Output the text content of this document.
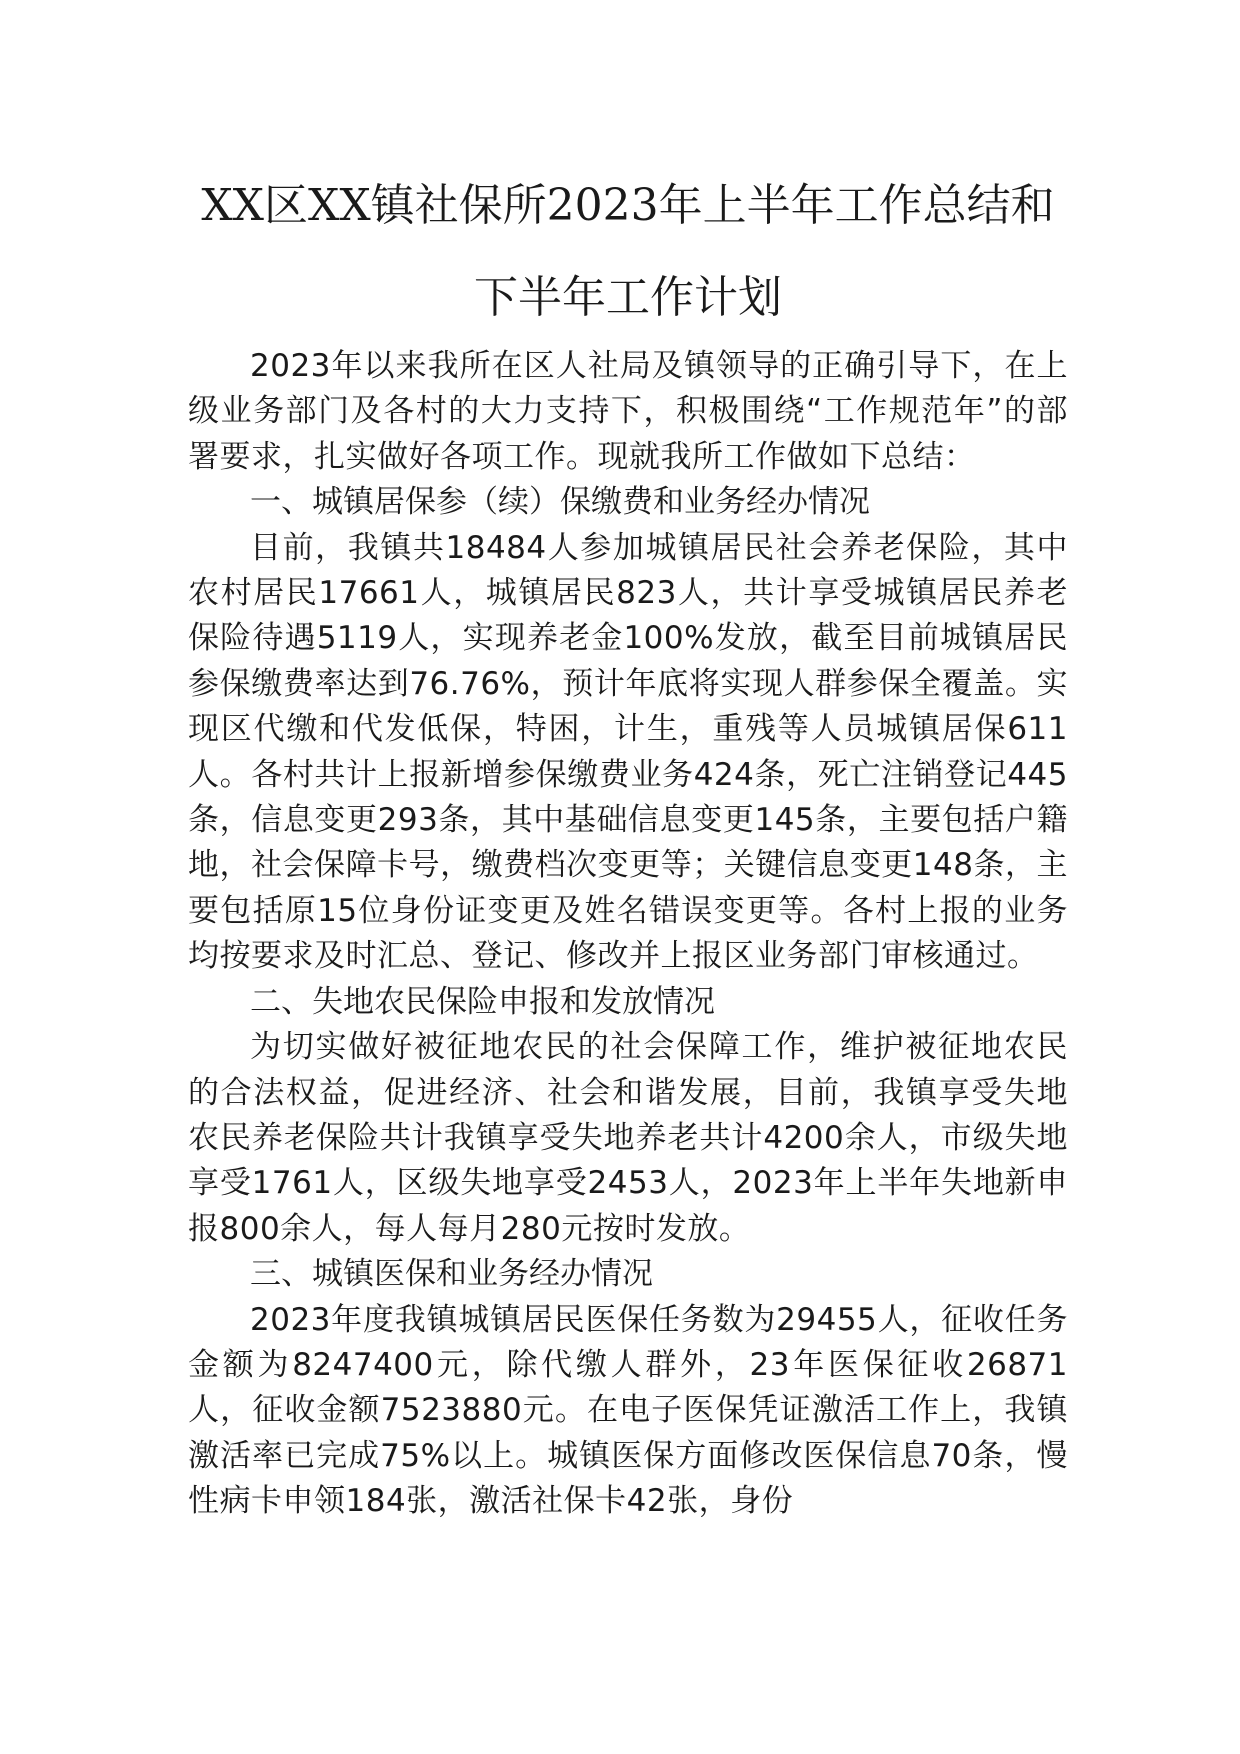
XX区XX镇社保所2023年上半年工作总结和下半年工作计划

2023年以来我所在区人社局及镇领导的正确引导下，在上级业务部门及各村的大力支持下，积极围绕“工作规范年”的部署要求，扎实做好各项工作。现就我所工作做如下总结：

一、城镇居保参（续）保缴费和业务经办情况

目前，我镇共18484人参加城镇居民社会养老保险，其中农村居民17661人，城镇居民823人，共计享受城镇居民养老保险待遇5119人，实现养老金100%发放，截至目前城镇居民参保缴费率达到76.76%，预计年底将实现人群参保全覆盖。实现区代缴和代发低保，特困，计生，重残等人员城镇居保611人。各村共计上报新增参保缴费业务424条，死亡注销登记445条，信息变更293条，其中基础信息变更145条，主要包括户籍地，社会保障卡号，缴费档次变更等；关键信息变更148条，主要包括原15位身份证变更及姓名错误变更等。各村上报的业务均按要求及时汇总、登记、修改并上报区业务部门审核通过。

二、失地农民保险申报和发放情况

为切实做好被征地农民的社会保障工作，维护被征地农民的合法权益，促进经济、社会和谐发展，目前，我镇享受失地农民养老保险共计我镇享受失地养老共计4200余人，市级失地享受1761人，区级失地享受2453人，2023年上半年失地新申报800余人，每人每月280元按时发放。

三、城镇医保和业务经办情况

2023年度我镇城镇居民医保任务数为29455人，征收任务金额为8247400元，除代缴人群外，23年医保征收26871人，征收金额7523880元。在电子医保凭证激活工作上，我镇激活率已完成75%以上。城镇医保方面修改医保信息70条，慢性病卡申领184张，激活社保卡42张，身份
